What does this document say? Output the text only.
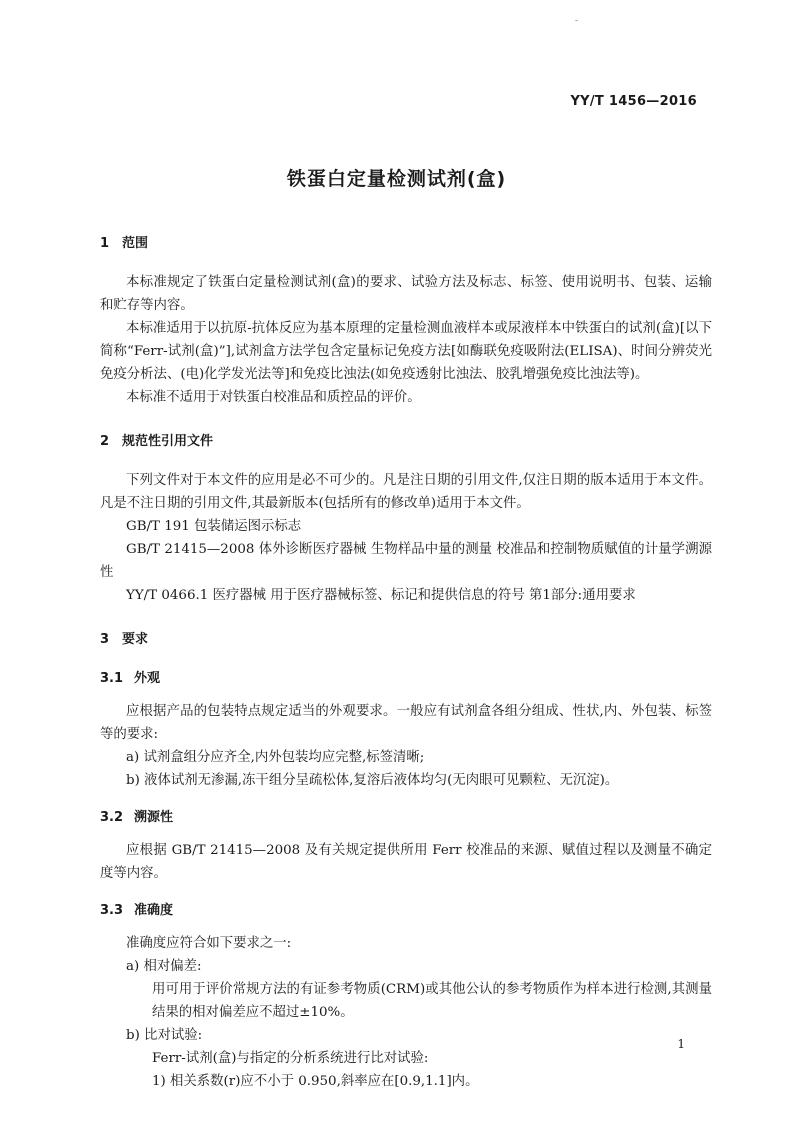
-
YY/T 1456—2016
铁蛋白定量检测试剂(盒)
1 范围

本标准规定了铁蛋白定量检测试剂(盒)的要求、试验方法及标志、标签、使用说明书、包装、运输和贮存等内容。

本标准适用于以抗原-抗体反应为基本原理的定量检测血液样本或尿液样本中铁蛋白的试剂(盒)[以下简称“Ferr-试剂(盒)”],试剂盒方法学包含定量标记免疫方法[如酶联免疫吸附法(ELISA)、时间分辨荧光免疫分析法、(电)化学发光法等]和免疫比浊法(如免疫透射比浊法、胶乳增强免疫比浊法等)。

本标准不适用于对铁蛋白校准品和质控品的评价。

2 规范性引用文件

下列文件对于本文件的应用是必不可少的。凡是注日期的引用文件,仅注日期的版本适用于本文件。凡是不注日期的引用文件,其最新版本(包括所有的修改单)适用于本文件。

GB/T 191 包装储运图示标志

GB/T 21415—2008 体外诊断医疗器械 生物样品中量的测量 校准品和控制物质赋值的计量学溯源性

YY/T 0466.1 医疗器械 用于医疗器械标签、标记和提供信息的符号 第1部分:通用要求

3 要求
3.1 外观

应根据产品的包装特点规定适当的外观要求。一般应有试剂盒各组分组成、性状,内、外包装、标签等的要求:

a) 试剂盒组分应齐全,内外包装均应完整,标签清晰;

b) 液体试剂无渗漏,冻干组分呈疏松体,复溶后液体均匀(无肉眼可见颗粒、无沉淀)。

3.2 溯源性

应根据 GB/T 21415—2008 及有关规定提供所用 Ferr 校准品的来源、赋值过程以及测量不确定度等内容。

3.3 准确度

准确度应符合如下要求之一:

a) 相对偏差:

用可用于评价常规方法的有证参考物质(CRM)或其他公认的参考物质作为样本进行检测,其测量结果的相对偏差应不超过±10%。

b) 比对试验:

Ferr-试剂(盒)与指定的分析系统进行比对试验:

1) 相关系数(r)应不小于 0.950,斜率应在[0.9,1.1]内。

1
